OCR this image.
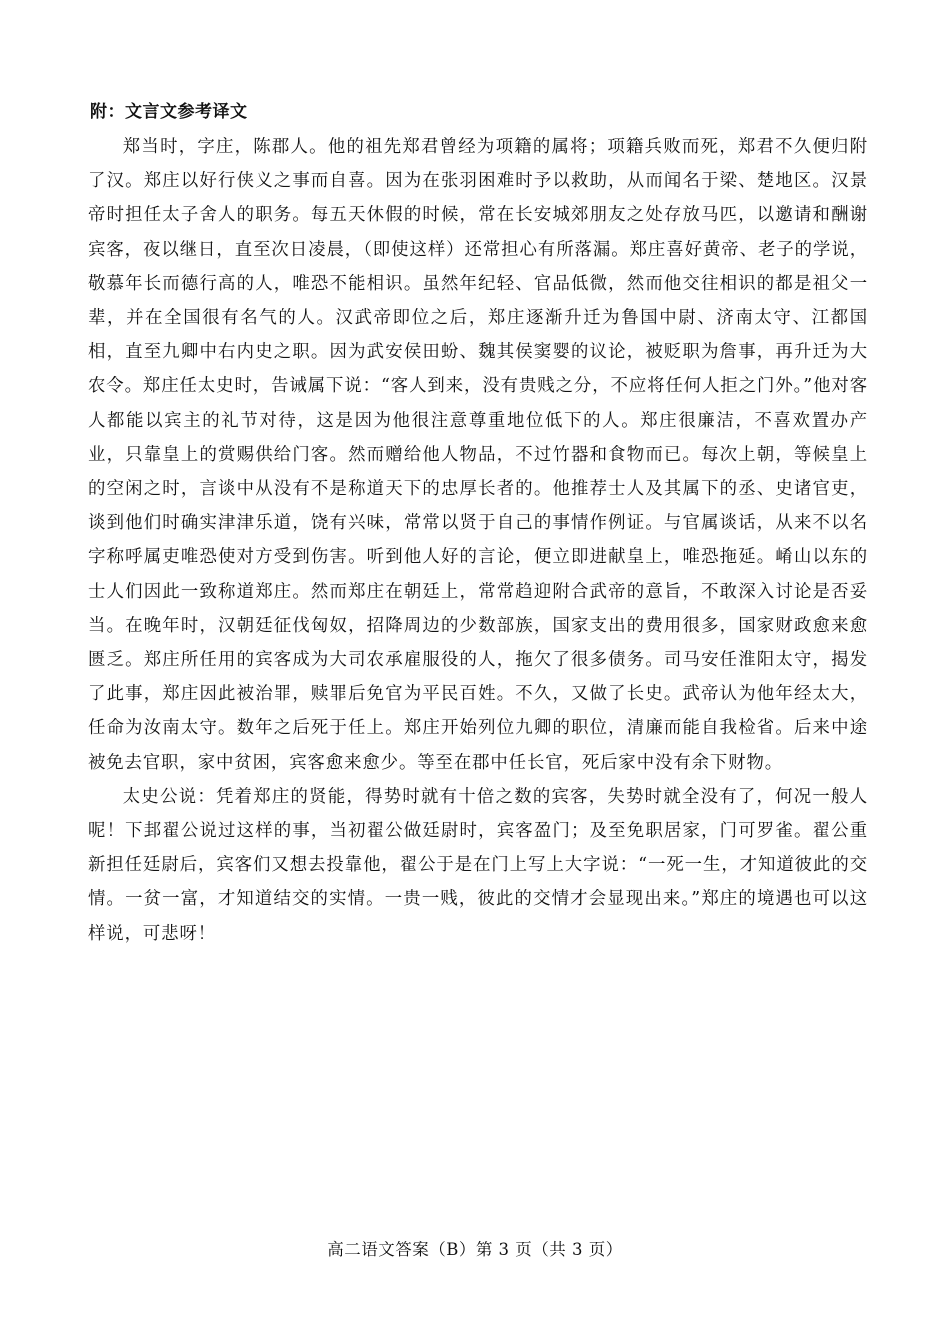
附：文言文参考译文

郑当时，字庄，陈郡人。他的祖先郑君曾经为项籍的属将；项籍兵败而死，郑君不久便归附了汉。郑庄以好行侠义之事而自喜。因为在张羽困难时予以救助，从而闻名于梁、楚地区。汉景帝时担任太子舍人的职务。每五天休假的时候，常在长安城郊朋友之处存放马匹，以邀请和酬谢宾客，夜以继日，直至次日凌晨，（即使这样）还常担心有所落漏。郑庄喜好黄帝、老子的学说，敬慕年长而德行高的人，唯恐不能相识。虽然年纪轻、官品低微，然而他交往相识的都是祖父一辈，并在全国很有名气的人。汉武帝即位之后，郑庄逐渐升迁为鲁国中尉、济南太守、江都国相，直至九卿中右内史之职。因为武安侯田蚡、魏其侯窦婴的议论，被贬职为詹事，再升迁为大农令。郑庄任太史时，告诫属下说：“客人到来，没有贵贱之分，不应将任何人拒之门外。”他对客人都能以宾主的礼节对待，这是因为他很注意尊重地位低下的人。郑庄很廉洁，不喜欢置办产业，只靠皇上的赏赐供给门客。然而赠给他人物品，不过竹器和食物而已。每次上朝，等候皇上的空闲之时，言谈中从没有不是称道天下的忠厚长者的。他推荐士人及其属下的丞、史诸官吏，谈到他们时确实津津乐道，饶有兴味，常常以贤于自己的事情作例证。与官属谈话，从来不以名字称呼属吏唯恐使对方受到伤害。听到他人好的言论，便立即进献皇上，唯恐拖延。崤山以东的士人们因此一致称道郑庄。然而郑庄在朝廷上，常常趋迎附合武帝的意旨，不敢深入讨论是否妥当。在晚年时，汉朝廷征伐匈奴，招降周边的少数部族，国家支出的费用很多，国家财政愈来愈匮乏。郑庄所任用的宾客成为大司农承雇服役的人，拖欠了很多债务。司马安任淮阳太守，揭发了此事，郑庄因此被治罪，赎罪后免官为平民百姓。不久，又做了长史。武帝认为他年经太大，任命为汝南太守。数年之后死于任上。郑庄开始列位九卿的职位，清廉而能自我检省。后来中途被免去官职，家中贫困，宾客愈来愈少。等至在郡中任长官，死后家中没有余下财物。

太史公说：凭着郑庄的贤能，得势时就有十倍之数的宾客，失势时就全没有了，何况一般人呢！下邽翟公说过这样的事，当初翟公做廷尉时，宾客盈门；及至免职居家，门可罗雀。翟公重新担任廷尉后，宾客们又想去投靠他，翟公于是在门上写上大字说：“一死一生，才知道彼此的交情。一贫一富，才知道结交的实情。一贵一贱，彼此的交情才会显现出来。”郑庄的境遇也可以这样说，可悲呀！

高二语文答案（B）第 3 页（共 3 页）
